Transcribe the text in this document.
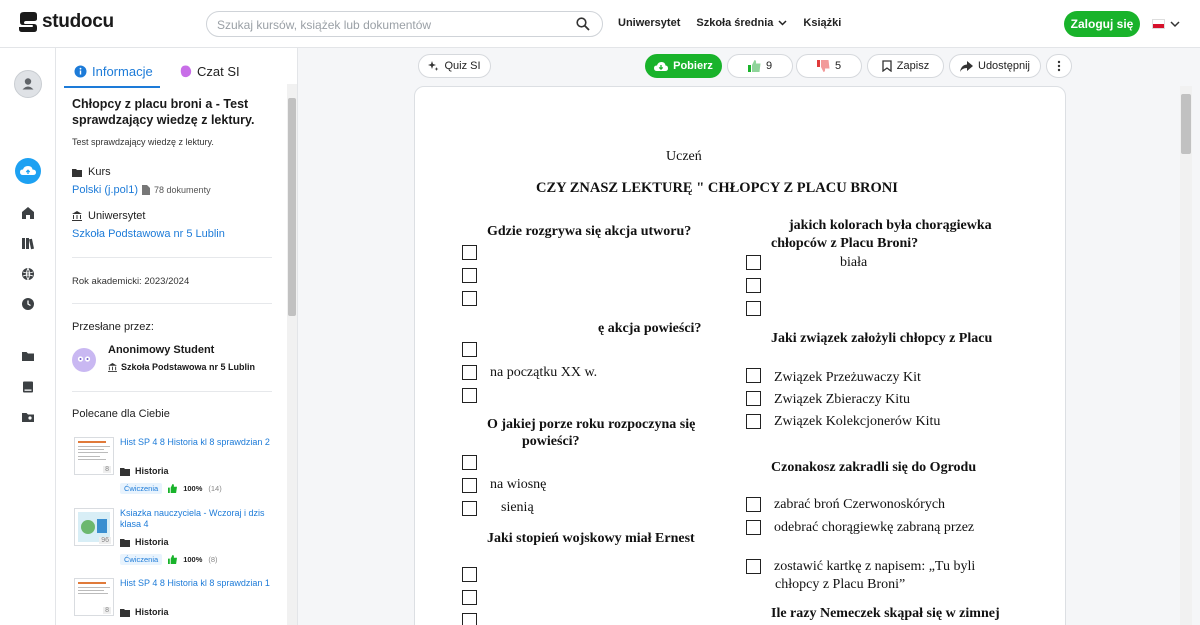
studocu
Szukaj kursów, książek lub dokumentów	Uniwersytet Szkoła średnia	Książki	Zaloguj się
Informacje	Czat SI
Chłopcy z placu broni a - Test sprawdzający wiedzę z lektury.
Test sprawdzający wiedzę z lektury.
Kurs
Polski (j.pol1) 78 dokumenty
Uniwersytet
Szkoła Podstawowa nr 5 Lublin
Rok akademicki: 2023/2024
Przesłane przez:
Anonimowy Student
Szkoła Podstawowa nr 5 Lublin
Polecane dla Ciebie
8
Hist SP 4 8 Historia kl 8 sprawdzian 2
Historia
Ćwiczenia	100% (14)
96
Ksiazka nauczyciela - Wczoraj i dzis klasa 4
Historia
Ćwiczenia	100% (8)
8
Hist SP 4 8 Historia kl 8 sprawdzian 1
Historia
Quiz SI	Pobierz	9	5	Zapisz	Udostępnij
Uczeń
CZY ZNASZ LEKTURĘ " CHŁOPCY Z PLACU BRONI
Gdzie rozgrywa się akcja utworu?
ę akcja powieści?
na początku XX w.
O jakiej porze roku rozpoczyna się
powieści?
na wiosnę
sienią
Jaki stopień wojskowy miał Ernest
jakich kolorach była chorągiewka
chłopców z Placu Broni?
biała
Jaki związek założyli chłopcy z Placu
Związek Przeżuwaczy Kit
Związek Zbieraczy Kitu
Związek Kolekcjonerów Kitu
Czonakosz zakradli się do Ogrodu
zabrać broń Czerwonoskórych
odebrać chorągiewkę zabraną przez
zostawić kartkę z napisem: „Tu byli
chłopcy z Placu Broni”
Ile razy Nemeczek skąpał się w zimnej
